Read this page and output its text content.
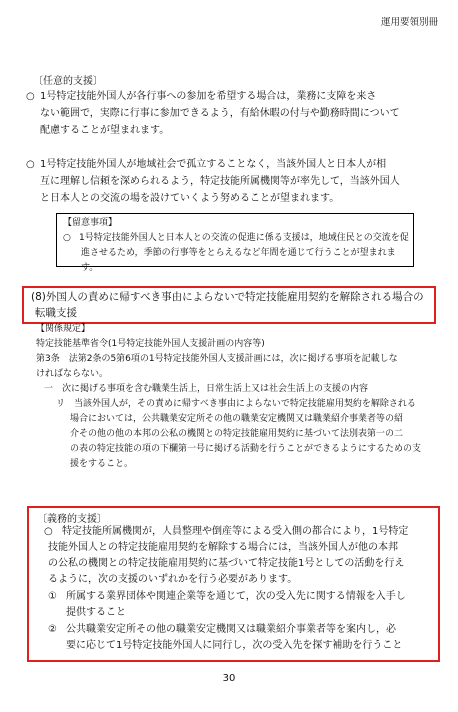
運用要領別冊
〔任意的支援〕
○ 1号特定技能外国人が各行事への参加を希望する場合は，業務に支障を来さ
ない範囲で，実際に行事に参加できるよう，有給休暇の付与や勤務時間について
配慮することが望まれます。
○ 1号特定技能外国人が地域社会で孤立することなく，当該外国人と日本人が相
互に理解し信頼を深められるよう，特定技能所属機関等が率先して，当該外国人
と日本人との交流の場を設けていくよう努めることが望まれます。
【留意事項】
○ 1号特定技能外国人と日本人との交流の促進に係る支援は，地域住民との交流を促
進させるため，季節の行事等をとらえるなど年間を通じて行うことが望まれます。
(8)外国人の責めに帰すべき事由によらないで特定技能雇用契約を解除される場合の
転職支援
【関係規定】
特定技能基準省令(1号特定技能外国人支援計画の内容等)
第3条　法第2条の5第6項の1号特定技能外国人支援計画には，次に掲げる事項を記載しな
ければならない。
一　次に掲げる事項を含む職業生活上，日常生活上又は社会生活上の支援の内容
リ　当該外国人が，その責めに帰すべき事由によらないで特定技能雇用契約を解除される
場合においては，公共職業安定所その他の職業安定機関又は職業紹介事業者等の紹
介その他の他の本邦の公私の機関との特定技能雇用契約に基づいて法別表第一の二
の表の特定技能の項の下欄第一号に掲げる活動を行うことができるようにするための支
援をすること。
〔義務的支援〕
○ 特定技能所属機関が，人員整理や倒産等による受入側の都合により，1号特定
技能外国人との特定技能雇用契約を解除する場合には，当該外国人が他の本邦
の公私の機関との特定技能雇用契約に基づいて特定技能1号としての活動を行え
るように，次の支援のいずれかを行う必要があります。
① 所属する業界団体や関連企業等を通じて，次の受入先に関する情報を入手し
提供すること
② 公共職業安定所その他の職業安定機関又は職業紹介事業者等を案内し，必
要に応じて1号特定技能外国人に同行し，次の受入先を探す補助を行うこと
30
